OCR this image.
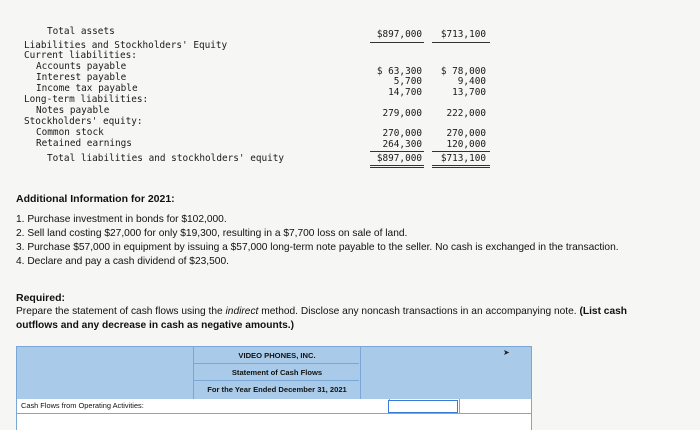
Total assets	$897,000	$713,100
Liabilities and Stockholders' Equity
Current liabilities:
Accounts payable	$ 63,300	$ 78,000
Interest payable	5,700	9,400
Income tax payable	14,700	13,700
Long-term liabilities:
Notes payable	279,000	222,000
Stockholders' equity:
Common stock	270,000	270,000
Retained earnings	264,300	120,000
Total liabilities and stockholders' equity	$897,000	$713,100
Additional Information for 2021:
1. Purchase investment in bonds for $102,000.
2. Sell land costing $27,000 for only $19,300, resulting in a $7,700 loss on sale of land.
3. Purchase $57,000 in equipment by issuing a $57,000 long-term note payable to the seller. No cash is exchanged in the transaction.
4. Declare and pay a cash dividend of $23,500.
Required:
Prepare the statement of cash flows using the indirect method. Disclose any noncash transactions in an accompanying note. (List cash
outflows and any decrease in cash as negative amounts.)
VIDEO PHONES, INC.
Statement of Cash Flows
For the Year Ended December 31, 2021
Cash Flows from Operating Activities:
➤
